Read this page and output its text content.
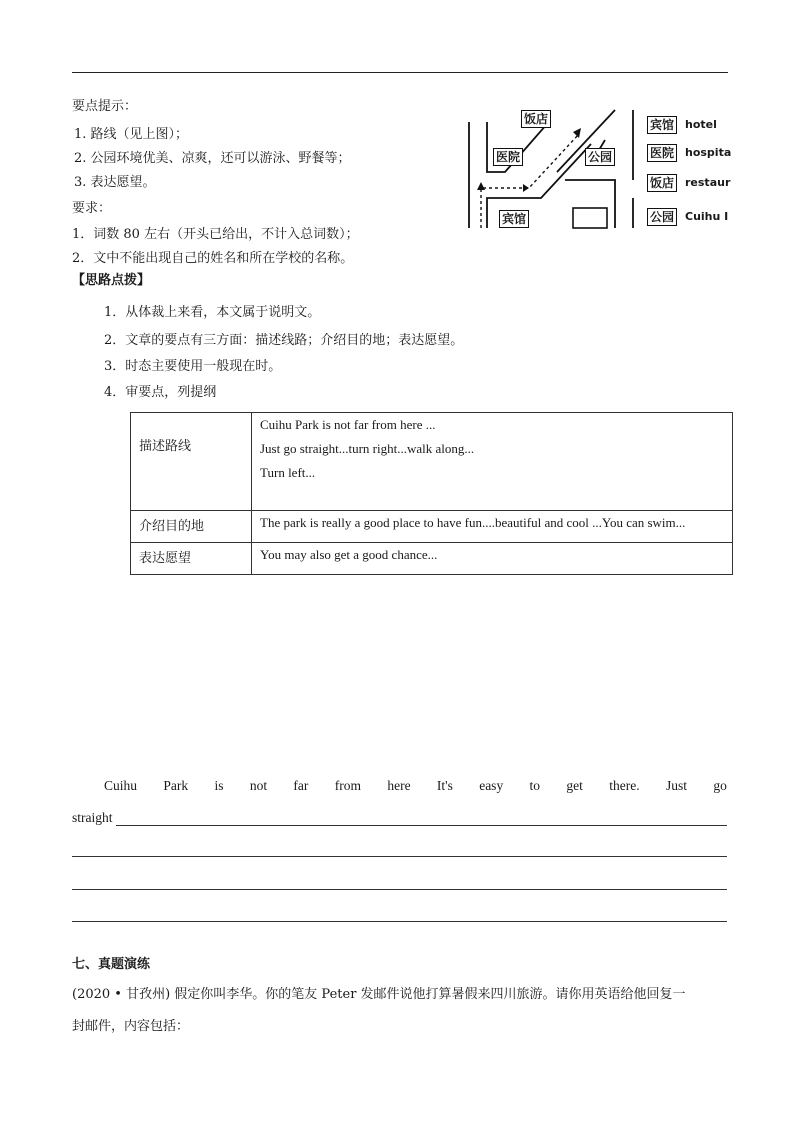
要点提示：
1. 路线（见上图）；
2. 公园环境优美、凉爽，还可以游泳、野餐等；
3. 表达愿望。
要求：
1．词数 80 左右（开头已给出，不计入总词数）；
2．文中不能出现自己的姓名和所在学校的名称。
饭店
医院	公园
宾馆
宾馆 hotel
医院 hospita
饭店 restaur
公园 Cuihu I
【思路点拨】
1．从体裁上来看，本文属于说明文。
2．文章的要点有三方面：描述线路；介绍目的地；表达愿望。
3．时态主要使用一般现在时。
4．审要点，列提纲
描述路线	Cuihu Park is not far from here ...

Just go straight...turn right...walk along...

Turn left...

介绍目的地	The park is really a good place to have fun....beautiful and cool ...You can swim...

表达愿望	You may also get a good chance...

Cuihu Park is not far from here It's easy to get there. Just go
straight
七、真题演练
(2020 • 甘孜州) 假定你叫李华。你的笔友 Peter 发邮件说他打算暑假来四川旅游。请你用英语给他回复一
封邮件，内容包括：
